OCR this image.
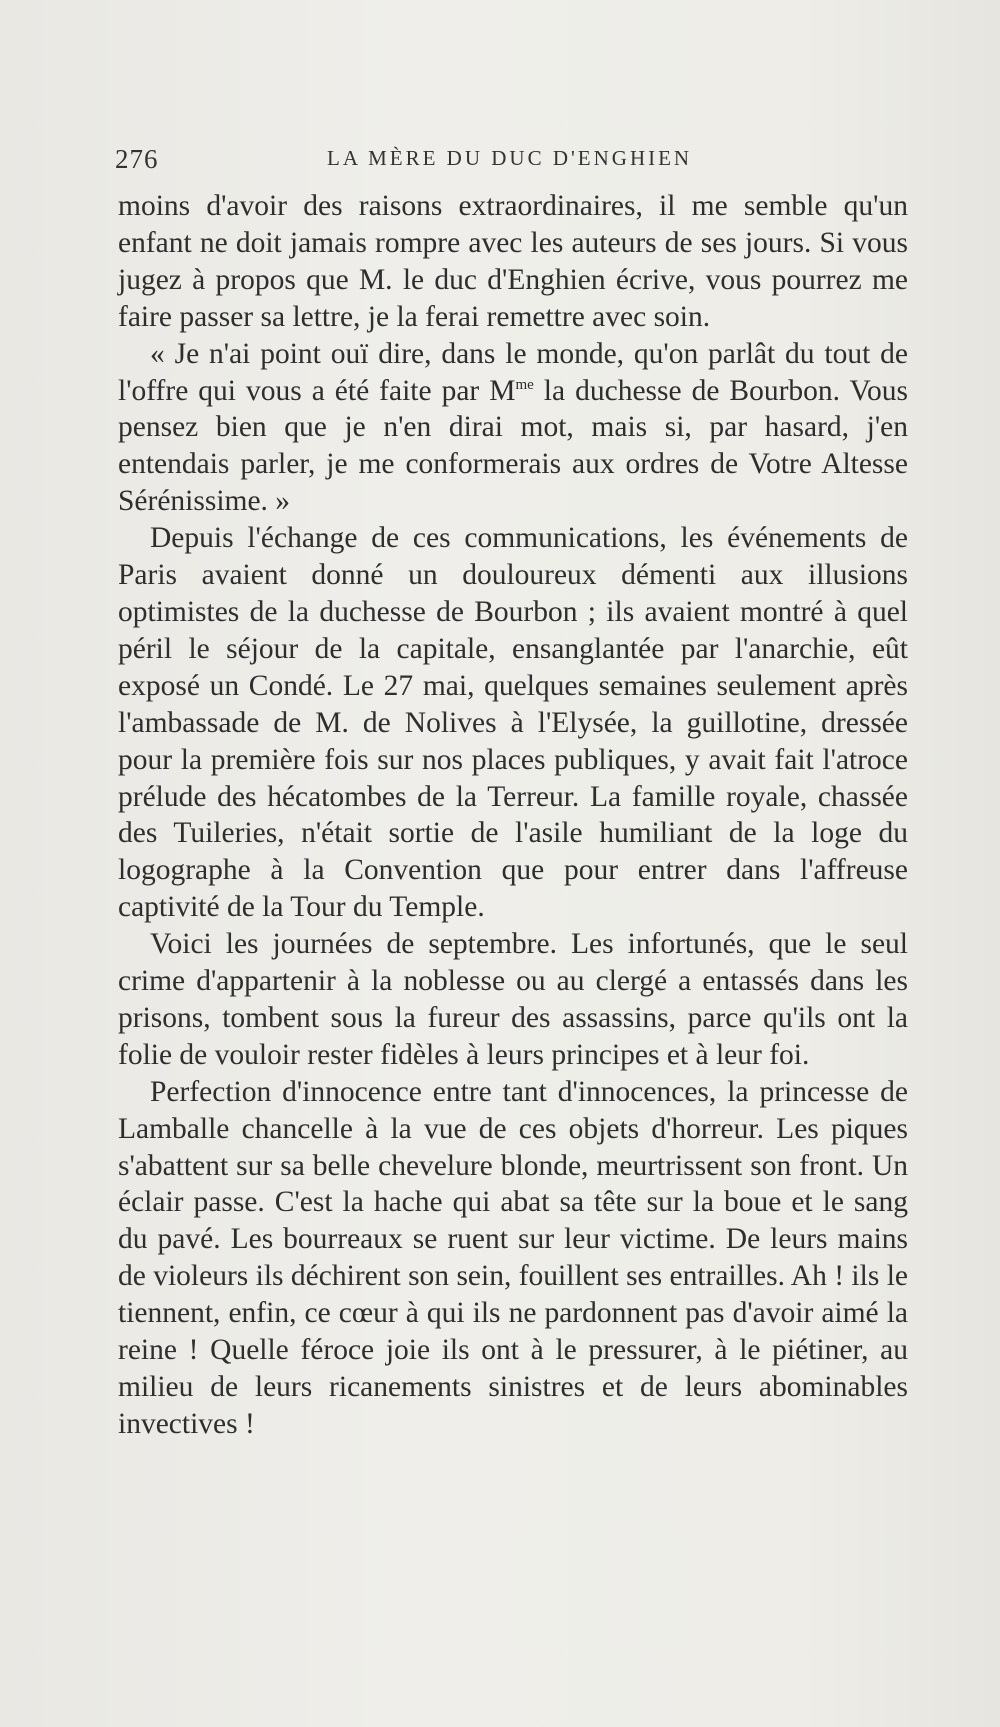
276	LA MÈRE DU DUC D'ENGHIEN

moins d'avoir des raisons extraordinaires, il me semble qu'un enfant ne doit jamais rompre avec les auteurs de ses jours. Si vous jugez à propos que M. le duc d'Enghien écrive, vous pourrez me faire passer sa lettre, je la ferai remettre avec soin.

« Je n'ai point ouï dire, dans le monde, qu'on parlât du tout de l'offre qui vous a été faite par $M^{me}$ la duchesse de Bourbon. Vous pensez bien que je n'en dirai mot, mais si, par hasard, j'en entendais parler, je me conformerais aux ordres de Votre Altesse Sérénissime. »

Depuis l'échange de ces communications, les événements de Paris avaient donné un douloureux démenti aux illusions optimistes de la duchesse de Bourbon ; ils avaient montré à quel péril le séjour de la capitale, ensanglantée par l'anarchie, eût exposé un Condé. Le 27 mai, quelques semaines seulement après l'ambassade de M. de Nolives à l'Elysée, la guillotine, dressée pour la première fois sur nos places publiques, y avait fait l'atroce prélude des hécatombes de la Terreur. La famille royale, chassée des Tuileries, n'était sortie de l'asile humiliant de la loge du logographe à la Convention que pour entrer dans l'affreuse captivité de la Tour du Temple.

Voici les journées de septembre. Les infortunés, que le seul crime d'appartenir à la noblesse ou au clergé a entassés dans les prisons, tombent sous la fureur des assassins, parce qu'ils ont la folie de vouloir rester fidèles à leurs principes et à leur foi.

Perfection d'innocence entre tant d'innocences, la princesse de Lamballe chancelle à la vue de ces objets d'horreur. Les piques s'abattent sur sa belle chevelure blonde, meurtrissent son front. Un éclair passe. C'est la hache qui abat sa tête sur la boue et le sang du pavé. Les bourreaux se ruent sur leur victime. De leurs mains de violeurs ils déchirent son sein, fouillent ses entrailles. Ah ! ils le tiennent, enfin, ce cœur à qui ils ne pardonnent pas d'avoir aimé la reine ! Quelle féroce joie ils ont à le pressurer, à le piétiner, au milieu de leurs ricanements sinistres et de leurs abominables invectives !
